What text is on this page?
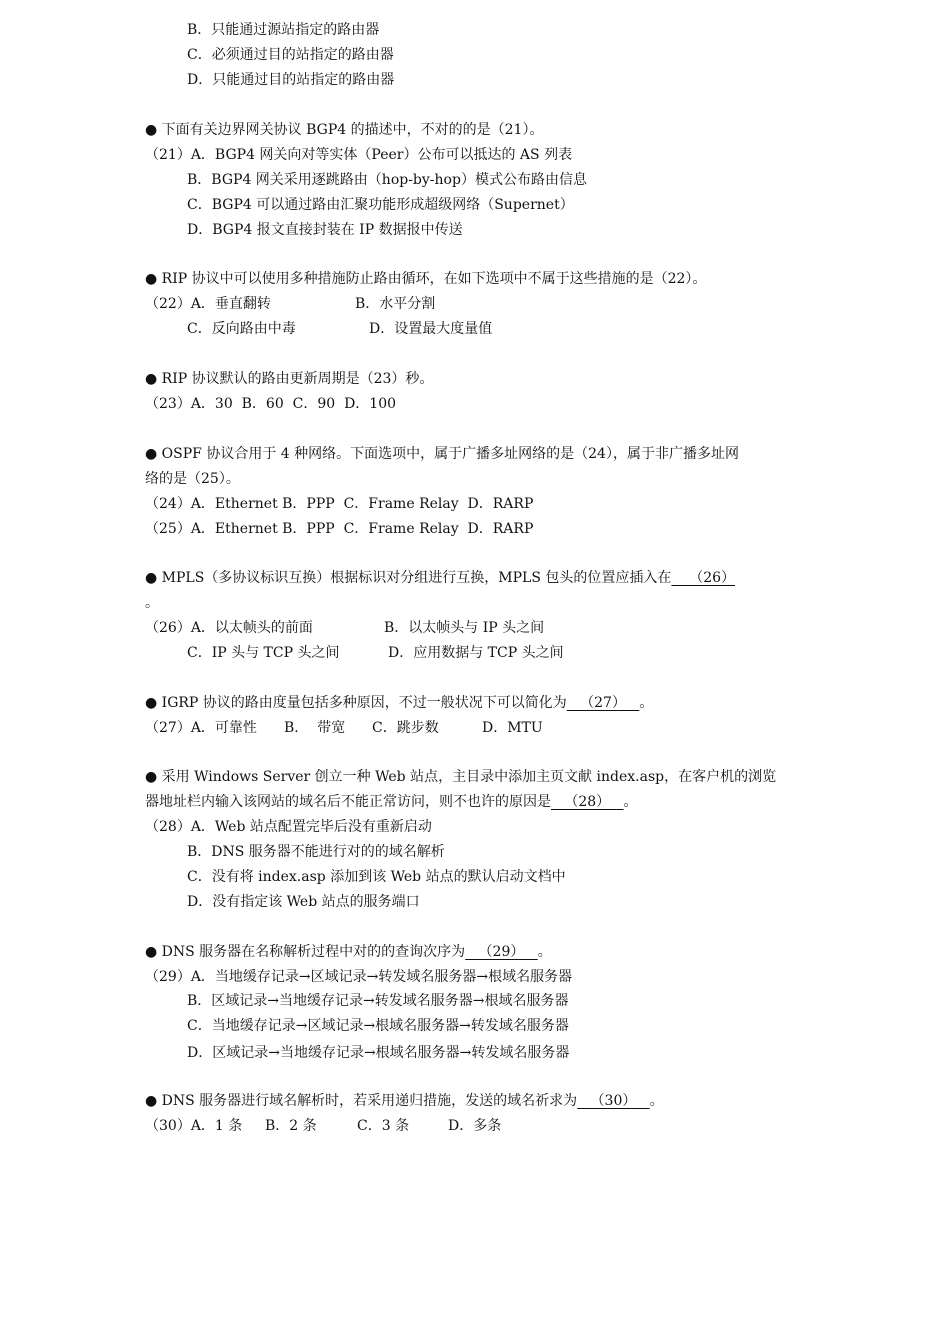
B．只能通过源站指定的路由器
C．必须通过目的站指定的路由器
D．只能通过目的站指定的路由器
● 下面有关边界网关协议 BGP4 的描述中，不对的的是（21）。
（21）A．BGP4 网关向对等实体（Peer）公布可以抵达的 AS 列表
B．BGP4 网关采用逐跳路由（hop-by-hop）模式公布路由信息
C．BGP4 可以通过路由汇聚功能形成超级网络（Supernet）
D．BGP4 报文直接封装在 IP 数据报中传送
● RIP 协议中可以使用多种措施防止路由循环，在如下选项中不属于这些措施的是（22）。
（22）A．垂直翻转	B．水平分割
C．反向路由中毒	D．设置最大度量值
● RIP 协议默认的路由更新周期是（23）秒。
（23）A．30  B．60  C．90  D．100
● OSPF 协议合用于 4 种网络。下面选项中，属于广播多址网络的是（24），属于非广播多址网
络的是（25）。
（24）A．Ethernet B．PPP  C．Frame Relay  D．RARP
（25）A．Ethernet B．PPP  C．Frame Relay  D．RARP
● MPLS（多协议标识互换）根据标识对分组进行互换，MPLS 包头的位置应插入在    （26）
。
（26）A．以太帧头的前面	B．以太帧头与 IP 头之间
C．IP 头与 TCP 头之间	D．应用数据与 TCP 头之间
● IGRP 协议的路由度量包括多种原因，不过一般状况下可以简化为   （27）   。
（27）A．可靠性 B．  带宽 C．跳步数	D．MTU
● 采用 Windows Server 创立一种 Web 站点，主目录中添加主页文献 index.asp，在客户机的浏览
器地址栏内输入该网站的域名后不能正常访问，则不也许的原因是   （28）   。
（28）A．Web 站点配置完毕后没有重新启动
B．DNS 服务器不能进行对的的域名解析
C．没有将 index.asp 添加到该 Web 站点的默认启动文档中
D．没有指定该 Web 站点的服务端口
● DNS 服务器在名称解析过程中对的的查询次序为   （29）   。
（29）A．当地缓存记录→区域记录→转发域名服务器→根域名服务器
B．区域记录→当地缓存记录→转发域名服务器→根域名服务器
C．当地缓存记录→区域记录→根域名服务器→转发域名服务器
D．区域记录→当地缓存记录→根域名服务器→转发域名服务器
● DNS 服务器进行域名解析时，若采用递归措施，发送的域名祈求为   （30）   。
（30）A．1 条 B．2 条	C．3 条	D．多条
